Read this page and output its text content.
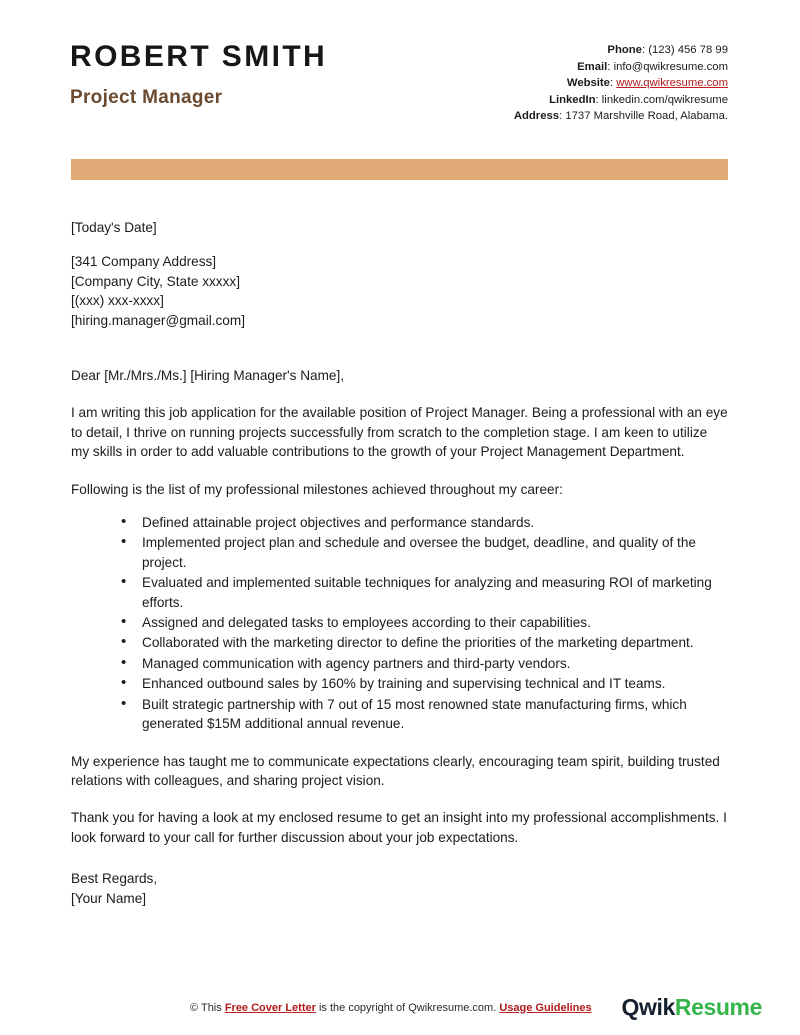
ROBERT SMITH
Project Manager
Phone: (123) 456 78 99
Email: info@qwikresume.com
Website: www.qwikresume.com
LinkedIn: linkedin.com/qwikresume
Address: 1737 Marshville Road, Alabama.
[Today's Date]
[341 Company Address]
[Company City, State xxxxx]
[(xxx) xxx-xxxx]
[hiring.manager@gmail.com]
Dear [Mr./Mrs./Ms.] [Hiring Manager's Name],

I am writing this job application for the available position of Project Manager. Being a professional with an eye to detail, I thrive on running projects successfully from scratch to the completion stage. I am keen to utilize my skills in order to add valuable contributions to the growth of your Project Management Department.

Following is the list of my professional milestones achieved throughout my career:

• Defined attainable project objectives and performance standards.
• Implemented project plan and schedule and oversee the budget, deadline, and quality of the project.
• Evaluated and implemented suitable techniques for analyzing and measuring ROI of marketing efforts.
• Assigned and delegated tasks to employees according to their capabilities.
• Collaborated with the marketing director to define the priorities of the marketing department.
• Managed communication with agency partners and third-party vendors.
• Enhanced outbound sales by 160% by training and supervising technical and IT teams.
• Built strategic partnership with 7 out of 15 most renowned state manufacturing firms, which generated $15M additional annual revenue.

My experience has taught me to communicate expectations clearly, encouraging team spirit, building trusted relations with colleagues, and sharing project vision.

Thank you for having a look at my enclosed resume to get an insight into my professional accomplishments. I look forward to your call for further discussion about your job expectations.

Best Regards,
[Your Name]
© This Free Cover Letter is the copyright of Qwikresume.com. Usage Guidelines QwikResume
